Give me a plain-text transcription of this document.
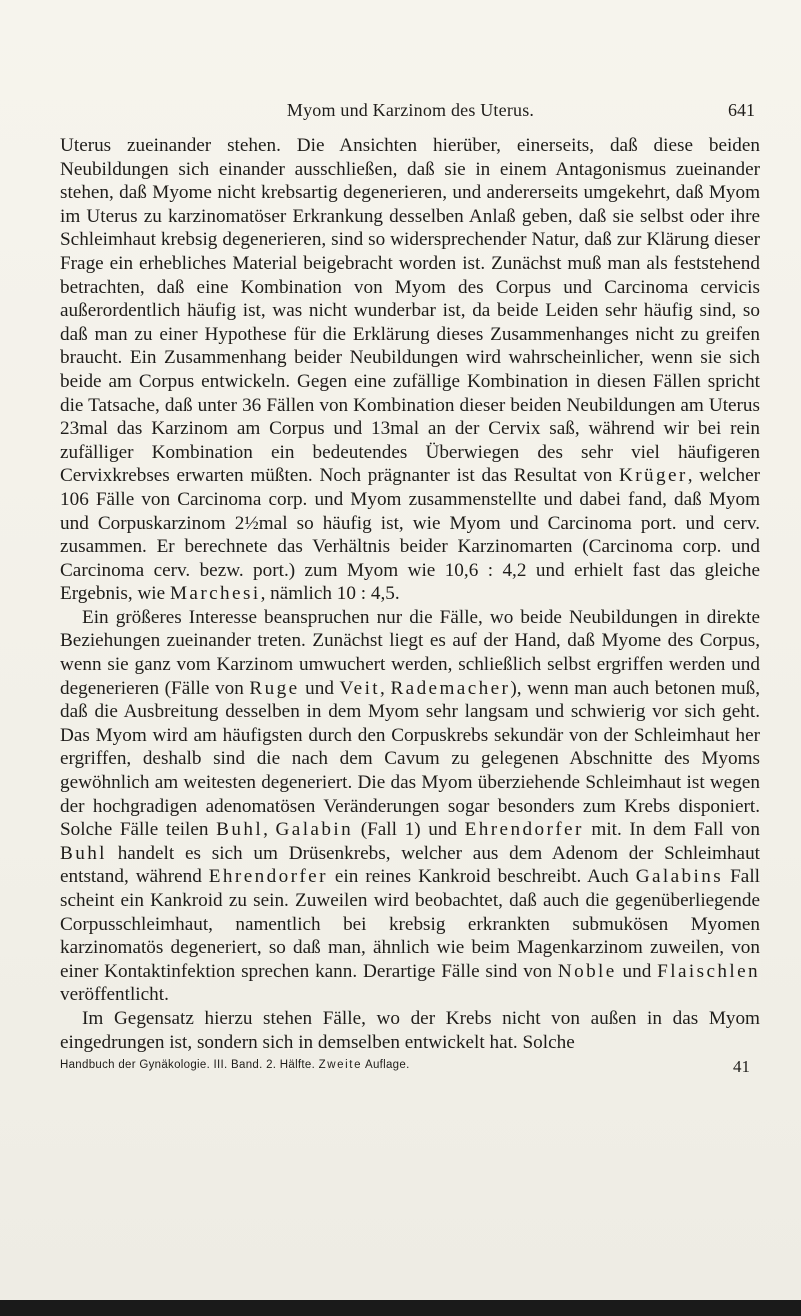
Myom und Karzinom des Uterus.	641

Uterus zueinander stehen. Die Ansichten hierüber, einerseits, daß diese beiden Neubildungen sich einander ausschließen, daß sie in einem Antagonismus zueinander stehen, daß Myome nicht krebsartig degenerieren, und andererseits umgekehrt, daß Myom im Uterus zu karzinomatöser Erkrankung desselben Anlaß geben, daß sie selbst oder ihre Schleimhaut krebsig degenerieren, sind so widersprechender Natur, daß zur Klärung dieser Frage ein erhebliches Material beigebracht worden ist. Zunächst muß man als feststehend betrachten, daß eine Kombination von Myom des Corpus und Carcinoma cervicis außerordentlich häufig ist, was nicht wunderbar ist, da beide Leiden sehr häufig sind, so daß man zu einer Hypothese für die Erklärung dieses Zusammenhanges nicht zu greifen braucht. Ein Zusammenhang beider Neubildungen wird wahrscheinlicher, wenn sie sich beide am Corpus entwickeln. Gegen eine zufällige Kombination in diesen Fällen spricht die Tatsache, daß unter 36 Fällen von Kombination dieser beiden Neubildungen am Uterus 23mal das Karzinom am Corpus und 13mal an der Cervix saß, während wir bei rein zufälliger Kombination ein bedeutendes Überwiegen des sehr viel häufigeren Cervixkrebses erwarten müßten. Noch prägnanter ist das Resultat von Krüger, welcher 106 Fälle von Carcinoma corp. und Myom zusammenstellte und dabei fand, daß Myom und Corpuskarzinom 2½mal so häufig ist, wie Myom und Carcinoma port. und cerv. zusammen. Er berechnete das Verhältnis beider Karzinomarten (Carcinoma corp. und Carcinoma cerv. bezw. port.) zum Myom wie 10,6 : 4,2 und erhielt fast das gleiche Ergebnis, wie Marchesi, nämlich 10 : 4,5.

Ein größeres Interesse beanspruchen nur die Fälle, wo beide Neubildungen in direkte Beziehungen zueinander treten. Zunächst liegt es auf der Hand, daß Myome des Corpus, wenn sie ganz vom Karzinom umwuchert werden, schließlich selbst ergriffen werden und degenerieren (Fälle von Ruge und Veit, Rademacher), wenn man auch betonen muß, daß die Ausbreitung desselben in dem Myom sehr langsam und schwierig vor sich geht. Das Myom wird am häufigsten durch den Corpuskrebs sekundär von der Schleimhaut her ergriffen, deshalb sind die nach dem Cavum zu gelegenen Abschnitte des Myoms gewöhnlich am weitesten degeneriert. Die das Myom überziehende Schleimhaut ist wegen der hochgradigen adenomatösen Veränderungen sogar besonders zum Krebs disponiert. Solche Fälle teilen Buhl, Galabin (Fall 1) und Ehrendorfer mit. In dem Fall von Buhl handelt es sich um Drüsenkrebs, welcher aus dem Adenom der Schleimhaut entstand, während Ehrendorfer ein reines Kankroid beschreibt. Auch Galabins Fall scheint ein Kankroid zu sein. Zuweilen wird beobachtet, daß auch die gegenüberliegende Corpusschleimhaut, namentlich bei krebsig erkrankten submukösen Myomen karzinomatös degeneriert, so daß man, ähnlich wie beim Magenkarzinom zuweilen, von einer Kontaktinfektion sprechen kann. Derartige Fälle sind von Noble und Flaischlen veröffentlicht.

Im Gegensatz hierzu stehen Fälle, wo der Krebs nicht von außen in das Myom eingedrungen ist, sondern sich in demselben entwickelt hat. Solche

Handbuch der Gynäkologie. III. Band. 2. Hälfte. Zweite Auflage.	41
